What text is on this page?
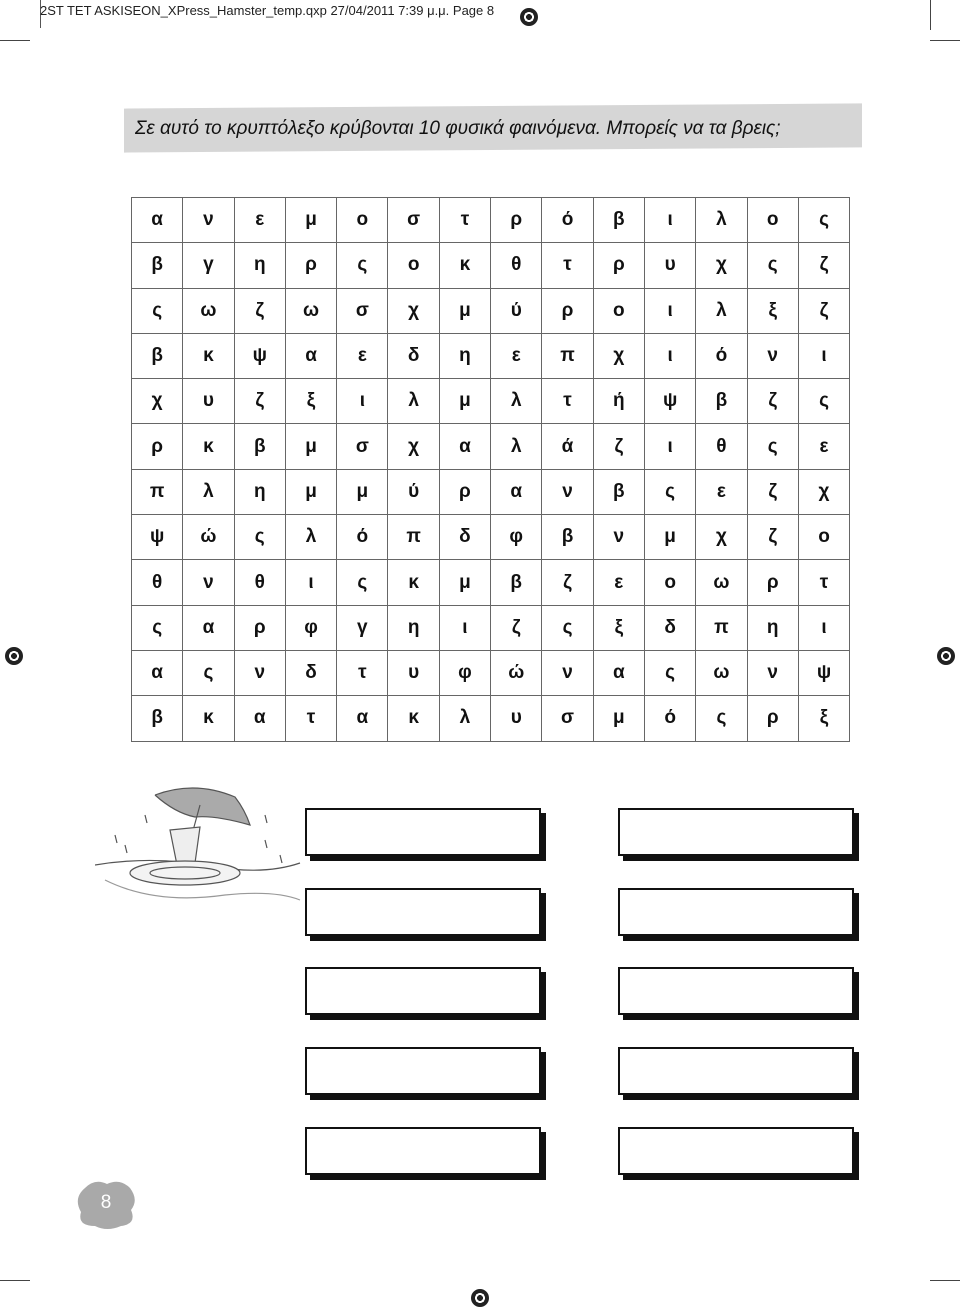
2ST TET ASKISEON_XPress_Hamster_temp.qxp 27/04/2011 7:39 μ.μ. Page 8
Σε αυτό το κρυπτόλεξο κρύβονται 10 φυσικά φαινόμενα. Μπορείς να τα βρεις;
α	ν	ε	μ	ο	σ	τ	ρ	ό	β	ι	λ	ο	ς
β	γ	η	ρ	ς	ο	κ	θ	τ	ρ	υ	χ	ς	ζ
ς	ω	ζ	ω	σ	χ	μ	ύ	ρ	ο	ι	λ	ξ	ζ
β	κ	ψ	α	ε	δ	η	ε	π	χ	ι	ό	ν	ι
χ	υ	ζ	ξ	ι	λ	μ	λ	τ	ή	ψ	β	ζ	ς
ρ	κ	β	μ	σ	χ	α	λ	ά	ζ	ι	θ	ς	ε
π	λ	η	μ	μ	ύ	ρ	α	ν	β	ς	ε	ζ	χ
ψ	ώ	ς	λ	ό	π	δ	φ	β	ν	μ	χ	ζ	ο
θ	ν	θ	ι	ς	κ	μ	β	ζ	ε	ο	ω	ρ	τ
ς	α	ρ	φ	γ	η	ι	ζ	ς	ξ	δ	π	η	ι
α	ς	ν	δ	τ	υ	φ	ώ	ν	α	ς	ω	ν	ψ
β	κ	α	τ	α	κ	λ	υ	σ	μ	ό	ς	ρ	ξ
8
